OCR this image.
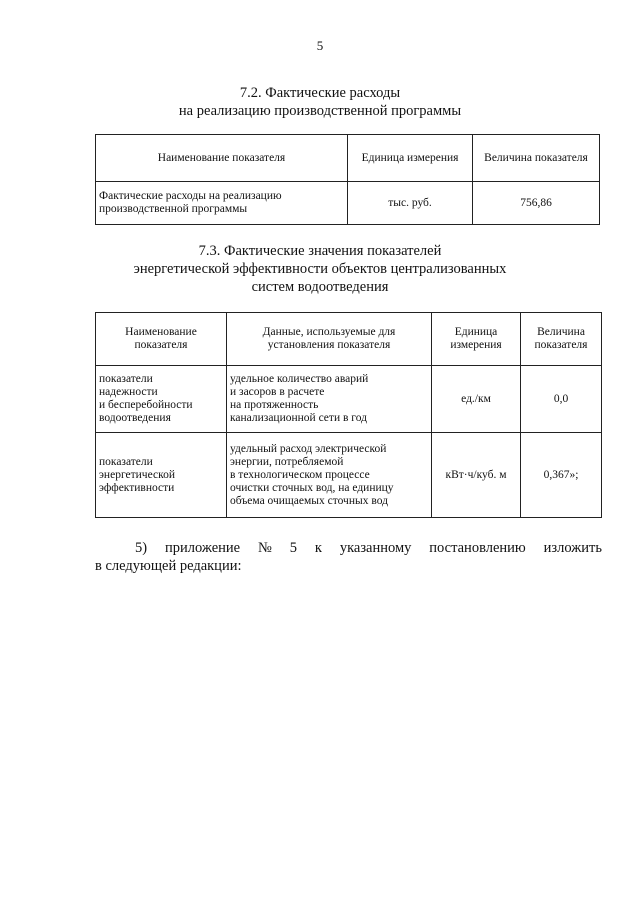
5
7.2. Фактические расходы
на реализацию производственной программы
Наименование показателя	Единица измерения	Величина показателя

Фактические расходы на реализацию
производственной программы	тыс. руб.	756,86
7.3. Фактические значения показателей
энергетической эффективности объектов централизованных
систем водоотведения
Наименование
показателя	Данные, используемые для
установления показателя	Единица
измерения	Величина
показателя

показатели
надежности
и бесперебойности
водоотведения	удельное количество аварий
и засоров в расчете
на протяженность
канализационной сети в год	ед./км	0,0

показатели
энергетической
эффективности	удельный расход электрической
энергии, потребляемой
в технологическом процессе
очистки сточных вод, на единицу
объема очищаемых сточных вод	кВт·ч/куб. м	0,367»;
5) приложение № 5 к указанному постановлению изложить
в следующей редакции:
